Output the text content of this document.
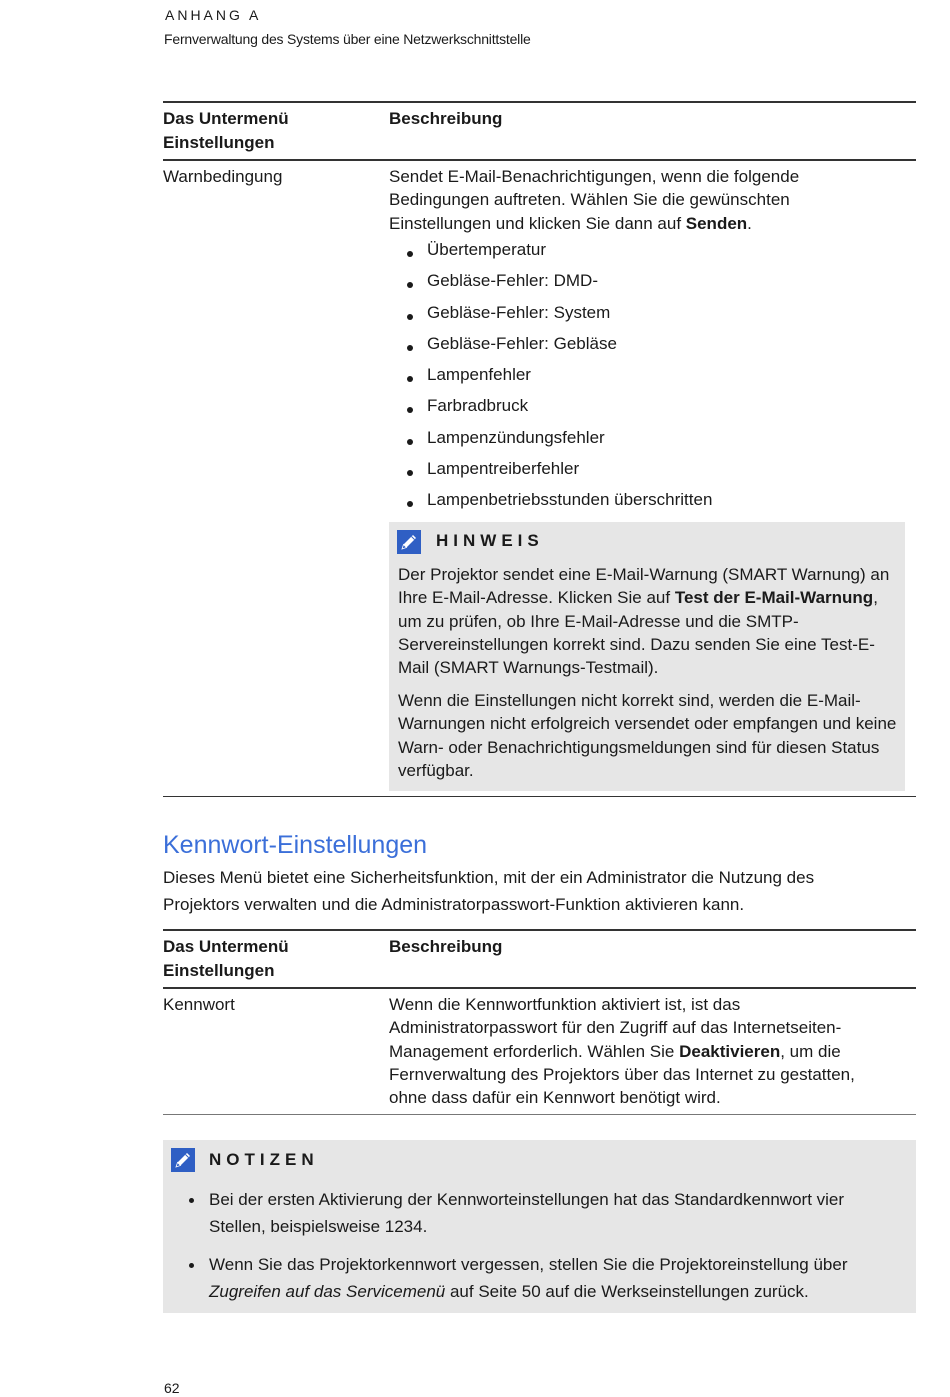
ANHANG A
Fernverwaltung des Systems über eine Netzwerkschnittstelle
Das Untermenü
Einstellungen
Beschreibung
Warnbedingung	Sendet E-Mail-Benachrichtigungen, wenn die folgende Bedingungen auftreten. Wählen Sie die gewünschten Einstellungen und klicken Sie dann auf Senden.
Übertemperatur
Gebläse-Fehler: DMD-
Gebläse-Fehler: System
Gebläse-Fehler: Gebläse
Lampenfehler
Farbradbruck
Lampenzündungsfehler
Lampentreiberfehler
Lampenbetriebsstunden überschritten
HINWEIS
Der Projektor sendet eine E-Mail-Warnung (SMART Warnung) an Ihre E-Mail-Adresse. Klicken Sie auf Test der E-Mail-Warnung, um zu prüfen, ob Ihre E-Mail-Adresse und die SMTP-Servereinstellungen korrekt sind. Dazu senden Sie eine Test-E-Mail (SMART Warnungs-Testmail).
Wenn die Einstellungen nicht korrekt sind, werden die E-Mail-Warnungen nicht erfolgreich versendet oder empfangen und keine Warn- oder Benachrichtigungsmeldungen sind für diesen Status verfügbar.
Kennwort-Einstellungen
Dieses Menü bietet eine Sicherheitsfunktion, mit der ein Administrator die Nutzung des Projektors verwalten und die Administratorpasswort-Funktion aktivieren kann.
Das Untermenü
Einstellungen
Beschreibung
Kennwort	Wenn die Kennwortfunktion aktiviert ist, ist das Administratorpasswort für den Zugriff auf das Internetseiten-Management erforderlich. Wählen Sie Deaktivieren, um die Fernverwaltung des Projektors über das Internet zu gestatten, ohne dass dafür ein Kennwort benötigt wird.
NOTIZEN
Bei der ersten Aktivierung der Kennworteinstellungen hat das Standardkennwort vier Stellen, beispielsweise 1234.
Wenn Sie das Projektorkennwort vergessen, stellen Sie die Projektoreinstellung über Zugreifen auf das Servicemenü auf Seite 50 auf die Werkseinstellungen zurück.
62
